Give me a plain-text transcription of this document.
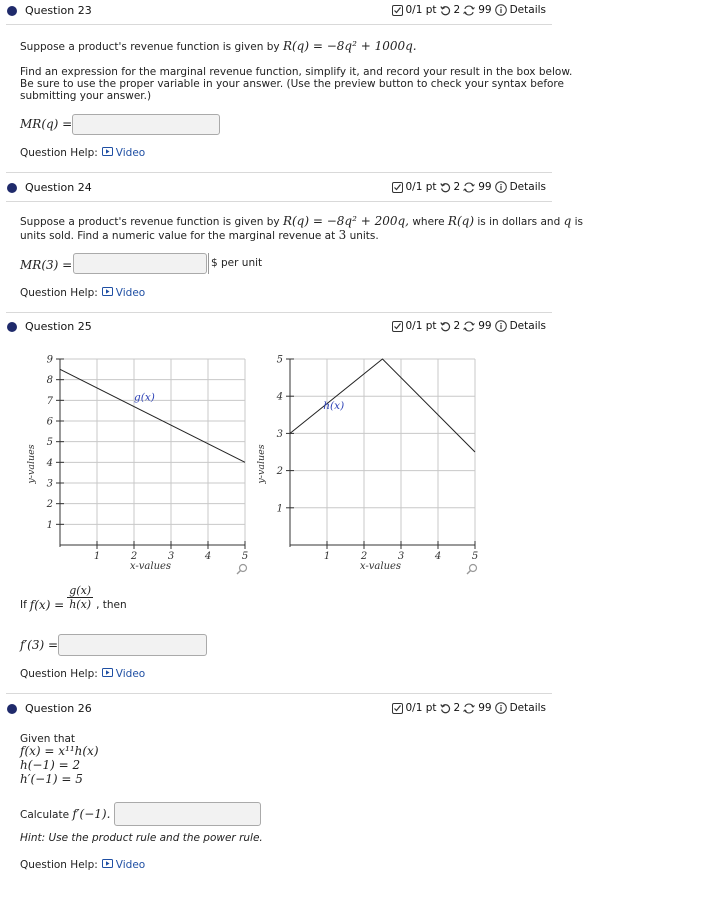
Question 23	0/1 pt 2 99 Details
Suppose a product's revenue function is given by R(q) = −8q² + 1000q.
Find an expression for the marginal revenue function, simplify it, and record your result in the box below.
Be sure to use the proper variable in your answer. (Use the preview button to check your syntax before
submitting your answer.)
MR(q) =
Question Help: Video
Question 24	0/1 pt 2 99 Details
Suppose a product's revenue function is given by R(q) = −8q² + 200q, where R(q) is in dollars and q is
units sold. Find a numeric value for the marginal revenue at 3 units.
MR(3) =	$ per unit
Question Help: Video
Question 25	0/1 pt 2 99 Details
9
8
7
6
5
4
3
2
1
1	2	3	4	5
x-values
y-values
g(x)
5
4
3
2
1
1	2	3	4	5
x-values
y-values
h(x)
If $f(x) = \frac{g(x)}{h(x)}$ , then
f′(3) =
Question Help: Video
Question 26	0/1 pt 2 99 Details
Given that
f(x) = x¹¹h(x)
h(−1) = 2
h′(−1) = 5
Calculate f′(−1).
Hint: Use the product rule and the power rule.
Question Help: Video
